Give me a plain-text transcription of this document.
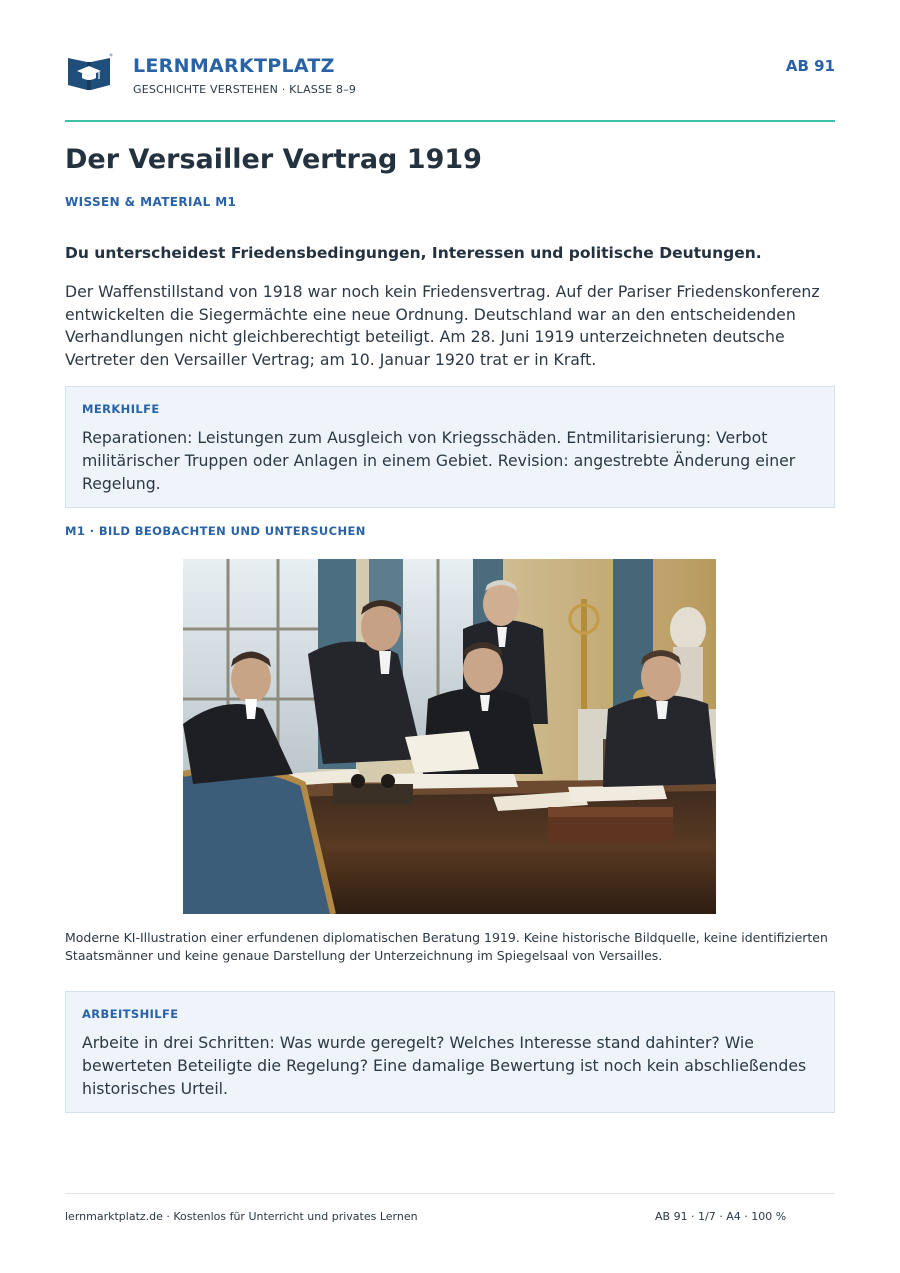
LERNMARKTPLATZ
GESCHICHTE VERSTEHEN · KLASSE 8–9
AB 91
Der Versailler Vertrag 1919
WISSEN & MATERIAL M1
Du unterscheidest Friedensbedingungen, Interessen und politische Deutungen.

Der Waffenstillstand von 1918 war noch kein Friedensvertrag. Auf der Pariser Friedenskonferenz entwickelten die Siegermächte eine neue Ordnung. Deutschland war an den entscheidenden Verhandlungen nicht gleichberechtigt beteiligt. Am 28. Juni 1919 unterzeichneten deutsche Vertreter den Versailler Vertrag; am 10. Januar 1920 trat er in Kraft.

MERKHILFE
Reparationen: Leistungen zum Ausgleich von Kriegsschäden. Entmilitarisierung: Verbot militärischer Truppen oder Anlagen in einem Gebiet. Revision: angestrebte Änderung einer Regelung.
M1 · BILD BEOBACHTEN UND UNTERSUCHEN

Moderne KI-Illustration einer erfundenen diplomatischen Beratung 1919. Keine historische Bildquelle, keine identifizierten Staatsmänner und keine genaue Darstellung der Unterzeichnung im Spiegelsaal von Versailles.

ARBEITSHILFE
Arbeite in drei Schritten: Was wurde geregelt? Welches Interesse stand dahinter? Wie bewerteten Beteiligte die Regelung? Eine damalige Bewertung ist noch kein abschließendes historisches Urteil.
lernmarktplatz.de · Kostenlos für Unterricht und privates Lernen	AB 91 · 1/7 · A4 · 100 %
